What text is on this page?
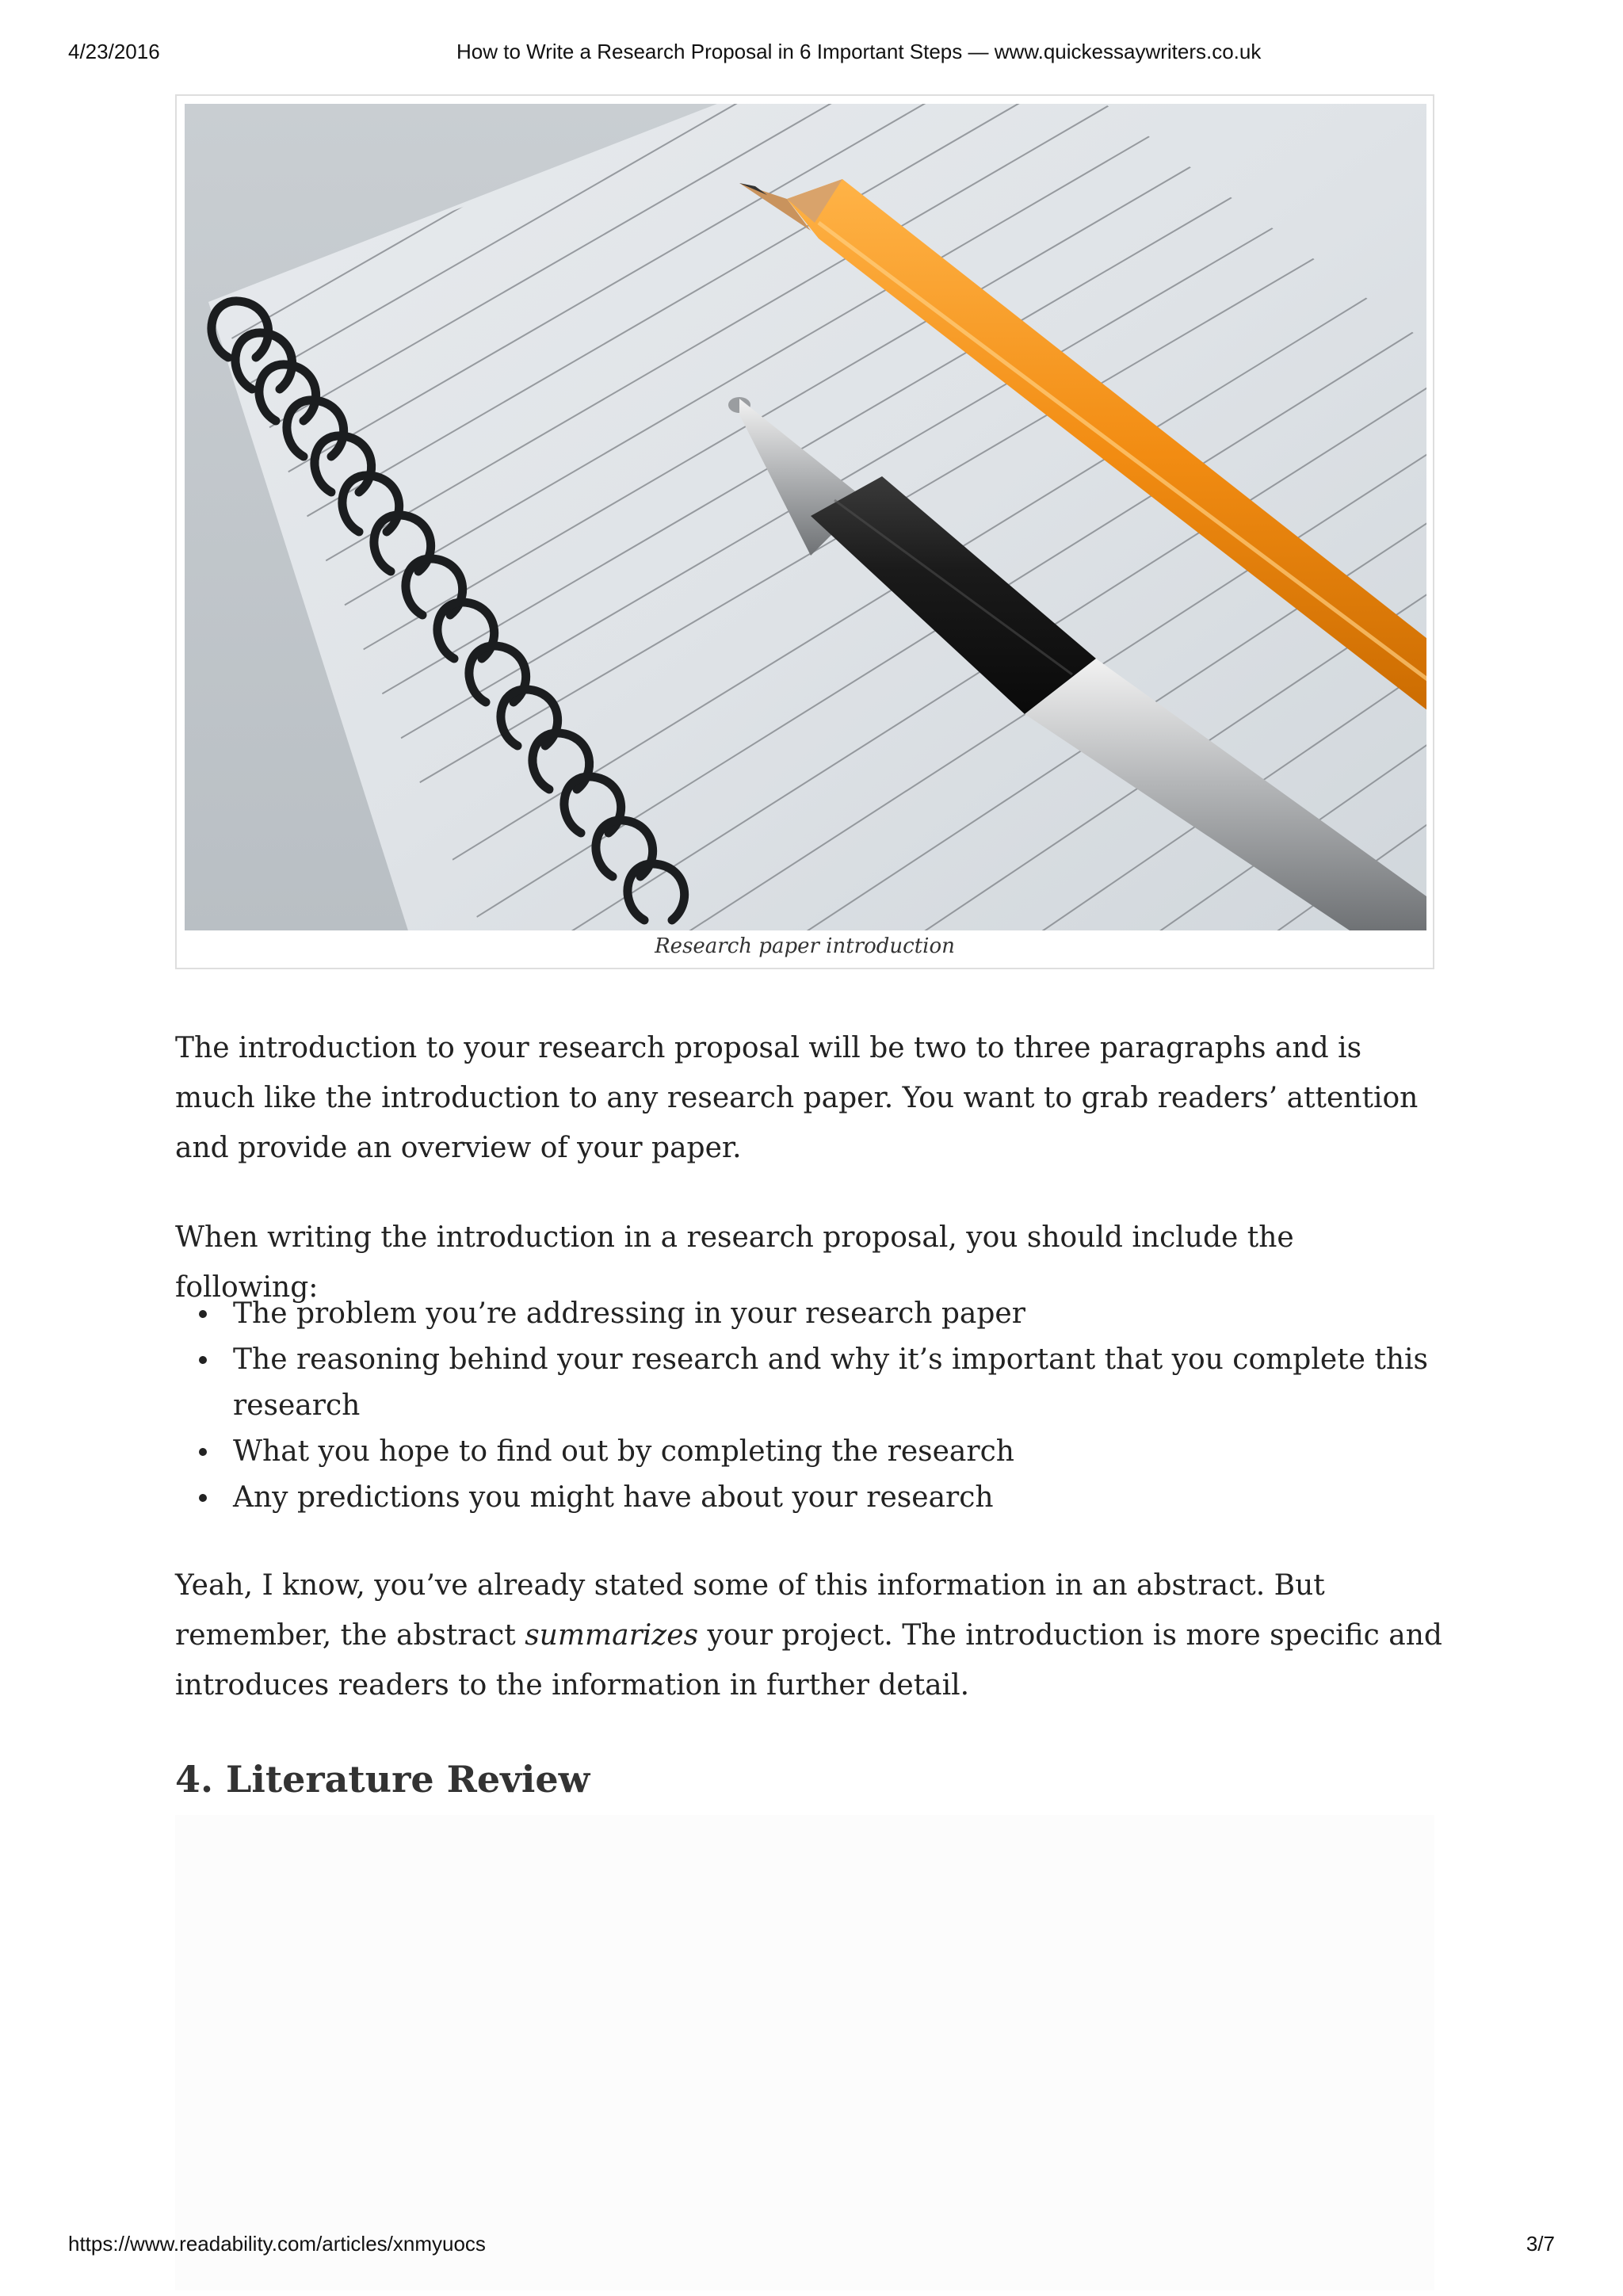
4/23/2016	How to Write a Research Proposal in 6 Important Steps — www.quickessaywriters.co.uk
Research paper introduction

The introduction to your research proposal will be two to three paragraphs and is much like the introduction to any research paper. You want to grab readers’ attention and provide an overview of your paper.

When writing the introduction in a research proposal, you should include the following:

The problem you’re addressing in your research paper
The reasoning behind your research and why it’s important that you complete this research
What you hope to find out by completing the research
Any predictions you might have about your research

Yeah, I know, you’ve already stated some of this information in an abstract. But remember, the abstract summarizes your project. The introduction is more specific and introduces readers to the information in further detail.

4. Literature Review
https://www.readability.com/articles/xnmyuocs	3/7
